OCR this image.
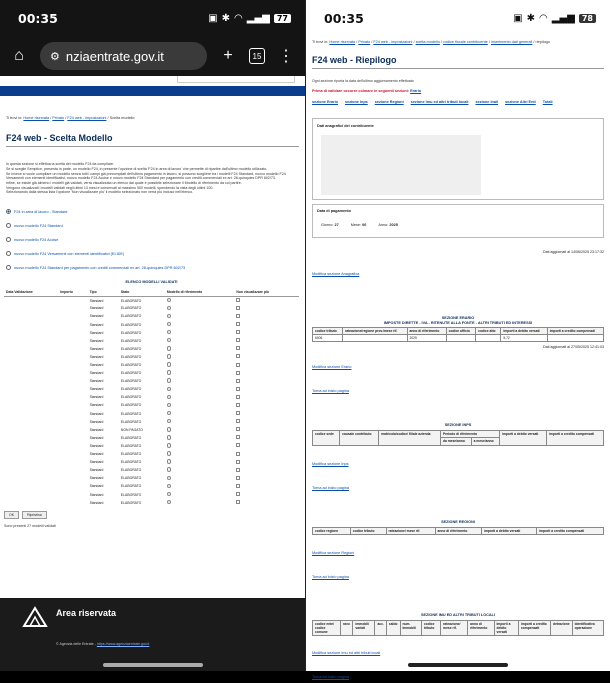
00:35	▣ ✱ ◠ ▂▄▆ 77
⌂	⚙ nziaentrate.gov.it	+	15 ⋮
Ti trovi in: Home riservata / Privato / F24 web - impostazioni / Scelta modello
F24 web - Scelta Modello

In questa sezione si effettua la scelta del modello F24 da compilare.

Se si sceglie Semplice, presenta in parte, un modello F24, in presente l'opzione di scelta 'F24 in area di lavoro' che permette di ripartire dall'ultimo modello utilizzato.

Se invece si vuole compilare un modello senza tutti i campi già precompilati dell'ultimo pagamento in lavoro, si possono scegliere tra i modelli F24 Standard, nuovo modello F24 Versamenti con elementi identificativi, nuovo modello F24 Accise e nuovo modello F24 Standard per pagamento con crediti commerciali ex art. 28-quinquies DPR 602/73.

Infine, se esiste già almeno i modelli già validati, verrà visualizzata un elenco dal quale è possibile selezionare il Modello di riferimento da cui partire.

Vengono visualizzati i modelli validati negli ultimi 13 mesi e conservati al massimo 500 modelli, spendendo la vista degli ultimi 100.

Selezionando dalla stessa lista l'opzione 'Non visualizzare più' il modello selezionato non verrà più incluso nell'elenco.

F24 in area di lavoro - Standard
nuovo modello F24 Standard
nuovo modello F24 Accise
nuovo modello F24 Versamenti con elementi identificativi (ELIDE)
nuovo modello F24 Standard per pagamento con crediti commerciali ex art. 28-quinquies DPR 602/73
ELENCO MODELLI VALIDATI
Data Validazione	Importo	Tipo	Stato	Modello di riferimento	Non visualizzare più
		Standard	ELABORATO		
		Standard	ELABORATO		
		Standard	ELABORATO		
		Standard	ELABORATO		
		Standard	ELABORATO		
		Standard	ELABORATO		
		Standard	ELABORATO		
		Standard	ELABORATO		
		Standard	ELABORATO		
		Standard	ELABORATO		
		Standard	ELABORATO		
		Standard	ELABORATO		
		Standard	ELABORATO		
		Standard	ELABORATO		
		Standard	ELABORATO		
		Standard	ELABORATO		
		Standard	NON PAGATO		
		Standard	ELABORATO		
		Standard	ELABORATO		
		Standard	ELABORATO		
		Standard	ELABORATO		
		Standard	ELABORATO		
		Standard	ELABORATO		
		Standard	ELABORATO		
		Standard	ELABORATO		
		Standard	ELABORATO		
OK	Ripristina
Sono presenti 27 modelli validati
Area riservata
© Agenzia delle Entrate - https://www.agenziaentrate.gov.it
00:35	▣ ✱ ◠ ▂▄▆ 78
Ti trovi in: Home riservata / Privato / F24 web - impostazioni / scelta modello / codice fiscale contribuente / inserimento dati generali / riepilogo
F24 web - Riepilogo

Ogni sezione riporta la data dell'ultimo aggiornamento effettuato

Prima di validare occorre colmare le seguenti sezioni: Erario

sezione Erario sezione Inps sezione Regioni sezione Imu ed altri tributi locali sezione Inail sezione Altri Enti Totali
Dati anagrafici del contribuente
Data di pagamento
Giorno: 27	Mese: 06	Anno: 2025
Dati aggiornati al 14/06/2025 23:17:32
Modifica sezione Anagrafica
SEZIONE ERARIO
IMPOSTE DIRETTE - IVA - RITENUTE ALLA FONTE - ALTRI TRIBUTI ED INTERESSI
codice tributo	rateazione/regione prov./mese rif.	anno di riferimento	codice ufficio	codice atto	importi a debito versati	importi a credito compensati
6006		2025			5,72	
Dati aggiornati al 27/05/2025 12:41:03
Modifica sezione Erario
Torna ad inizio pagina
SEZIONE INPS
codice sede	causale contributo	matricola/codice/ filiale azienda	Periodo di riferimento		importi a debito versati	importi a credito compensati
			da mese/anno	a mese/anno		
Modifica sezione Inps
Torna ad inizio pagina
SEZIONE REGIONI
codice regione	codice tributo	rateazione/ mese rif.	anno di riferimento	importi a debito versati	importi a credito compensati
Modifica sezione Regioni
Torna ad inizio pagina
SEZIONE IMU ED ALTRI TRIBUTI LOCALI
codice ente/ codice comune	ravv.	immobili variati	acc.	saldo	num. immobili	codice tributo	rateazione/ mese rif.	anno di riferimento	importi a debito versati	importi a credito compensati	detrazione	identificativo operazione
Modifica sezione Imu ed altri tributi locali
Torna ad inizio pagina
